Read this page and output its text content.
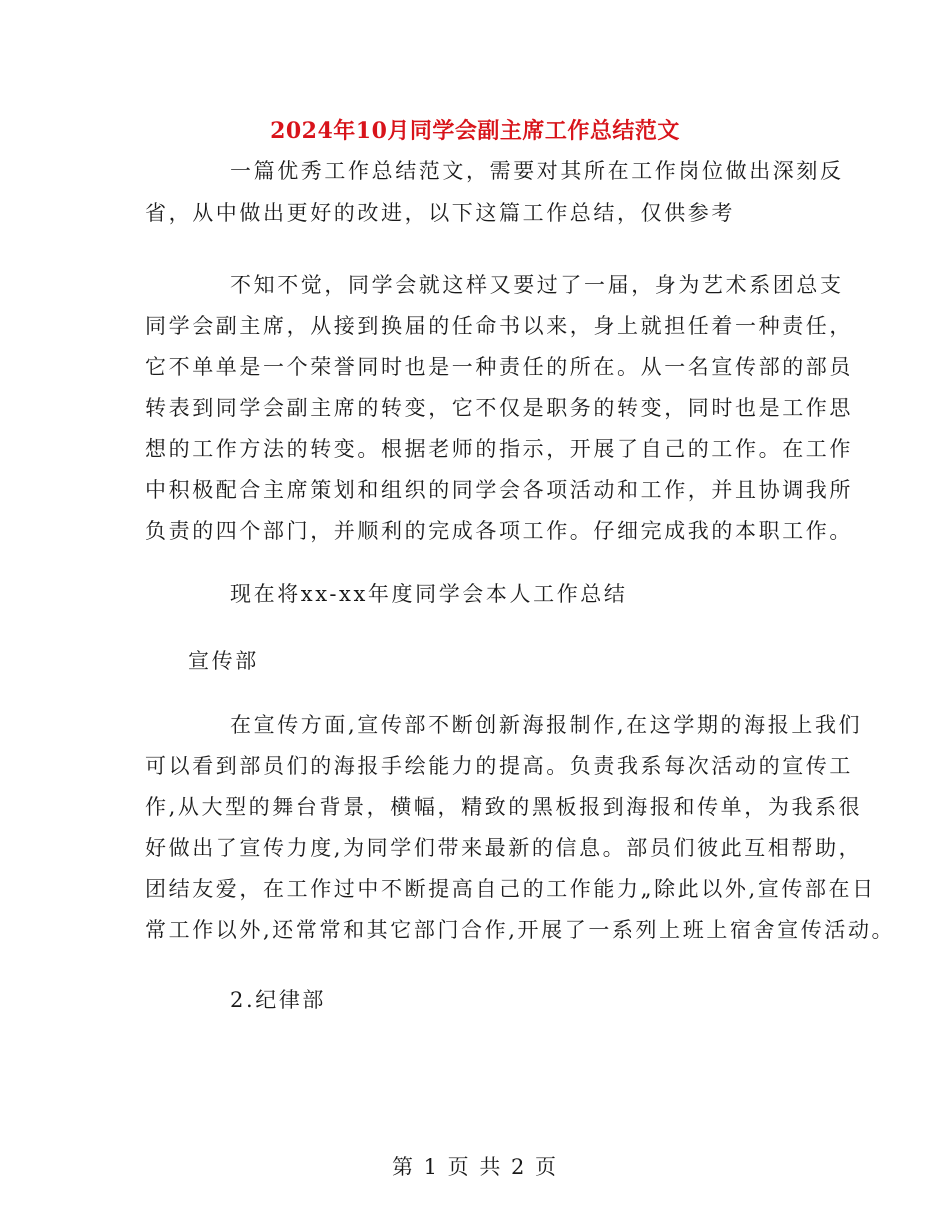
2024年10月同学会副主席工作总结范文
一篇优秀工作总结范文，需要对其所在工作岗位做出深刻反
省，从中做出更好的改进，以下这篇工作总结，仅供参考
不知不觉，同学会就这样又要过了一届，身为艺术系团总支
同学会副主席，从接到换届的任命书以来，身上就担任着一种责任，
它不单单是一个荣誉同时也是一种责任的所在。从一名宣传部的部员
转表到同学会副主席的转变，它不仅是职务的转变，同时也是工作思
想的工作方法的转变。根据老师的指示，开展了自己的工作。在工作
中积极配合主席策划和组织的同学会各项活动和工作，并且协调我所
负责的四个部门，并顺利的完成各项工作。仔细完成我的本职工作。
现在将xx-xx年度同学会本人工作总结
宣传部
在宣传方面,宣传部不断创新海报制作,在这学期的海报上我们
可以看到部员们的海报手绘能力的提高。负责我系每次活动的宣传工
作,从大型的舞台背景，横幅，精致的黑板报到海报和传单，为我系很
好做出了宣传力度,为同学们带来最新的信息。部员们彼此互相帮助，
团结友爱，在工作过中不断提高自己的工作能力„除此以外,宣传部在日
常工作以外,还常常和其它部门合作,开展了一系列上班上宿舍宣传活动。
2.纪律部
第 1 页 共 2 页
